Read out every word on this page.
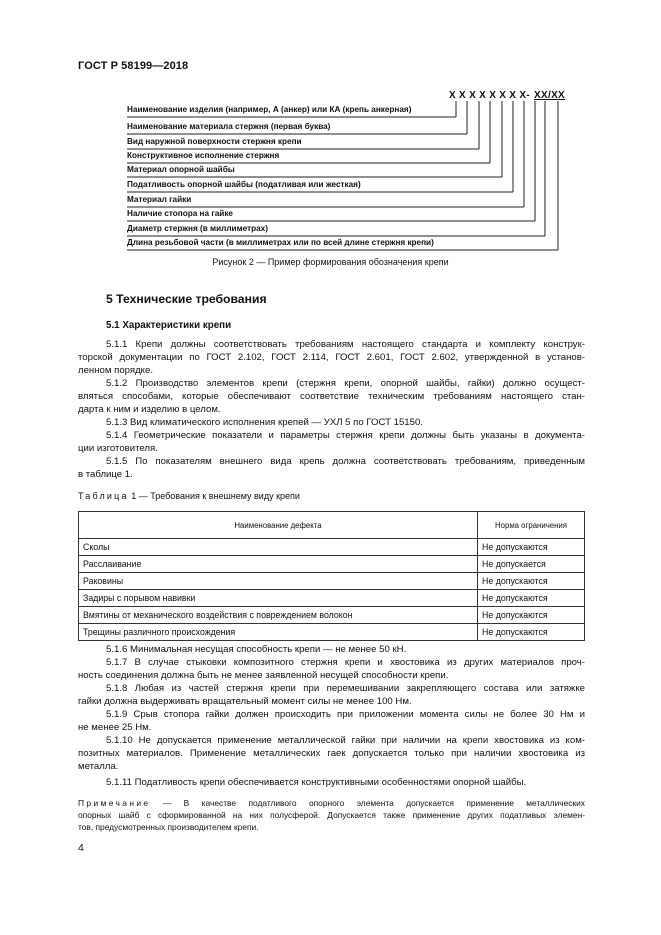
ГОСТ Р 58199—2018
X X X X X X X X- XX/XX
Наименование изделия (например, А (анкер) или КА (крепь анкерная)
Наименование материала стержня (первая буква)
Вид наружной поверхности стержня крепи
Конструктивное исполнение стержня
Материал опорной шайбы
Податливость опорной шайбы (податливая или жесткая)
Материал гайки
Наличие стопора на гайке
Диаметр стержня (в миллиметрах)
Длина резьбовой части (в миллиметрах или по всей длине стержня крепи)
Рисунок 2 — Пример формирования обозначения крепи
5 Технические требования
5.1 Характеристики крепи
5.1.1 Крепи должны соответствовать требованиям настоящего стандарта и комплекту конструк-
торской документации по ГОСТ 2.102, ГОСТ 2.114, ГОСТ 2.601, ГОСТ 2.602, утвержденной в установ-
ленном порядке.
5.1.2 Производство элементов крепи (стержня крепи, опорной шайбы, гайки) должно осущест-
вляться способами, которые обеспечивают соответствие техническим требованиям настоящего стан-
дарта к ним и изделию в целом.
5.1.3 Вид климатического исполнения крепей — УХЛ 5 по ГОСТ 15150.
5.1.4 Геометрические показатели и параметры стержня крепи должны быть указаны в документа-
ции изготовителя.
5.1.5 По показателям внешнего вида крепь должна соответствовать требованиям, приведенным
в таблице 1.
Таблица 1 — Требования к внешнему виду крепи
Наименование дефекта	Норма ограничения
Сколы	Не допускаются
Расслаивание	Не допускается
Раковины	Не допускаются
Задиры с порывом навивки	Не допускаются
Вмятины от механического воздействия с повреждением волокон	Не допускаются
Трещины различного происхождения	Не допускаются
5.1.6 Минимальная несущая способность крепи — не менее 50 кН.
5.1.7 В случае стыковки композитного стержня крепи и хвостовика из других материалов проч-
ность соединения должна быть не менее заявленной несущей способности крепи.
5.1.8 Любая из частей стержня крепи при перемешивании закрепляющего состава или затяжке
гайки должна выдерживать вращательный момент силы не менее 100 Нм.
5.1.9 Срыв стопора гайки должен происходить при приложении момента силы не более 30 Нм и
не менее 25 Нм.
5.1.10 Не допускается применение металлической гайки при наличии на крепи хвостовика из ком-
позитных материалов. Применение металлических гаек допускается только при наличии хвостовика из
металла.
5.1.11 Податливость крепи обеспечивается конструктивными особенностями опорной шайбы.
Примечание — В качестве податливого опорного элемента допускается применение металлических
опорных шайб с сформированной на них полусферой. Допускается также применение других податливых элемен-
тов, предусмотренных производителем крепи.
4
